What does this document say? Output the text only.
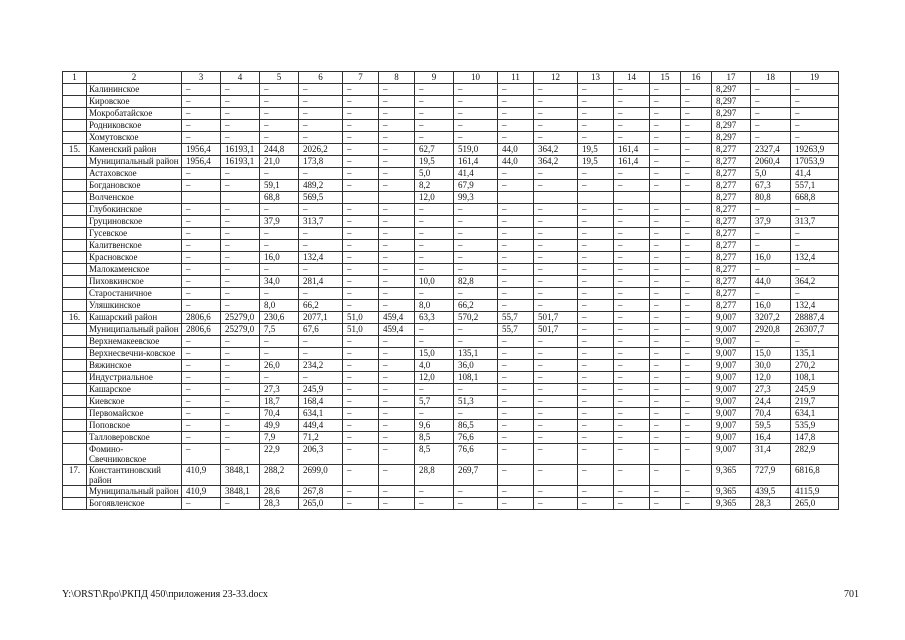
1	2	3	4	5	6	7	8	9	10	11	12	13	14	15	16	17	18	19
	Калининское	–	–	–	–	–	–	–	–	–	–	–	–	–	–	8,297	–	–
	Кировское	–	–	–	–	–	–	–	–	–	–	–	–	–	–	8,297	–	–
	Мокробатайское	–	–	–	–	–	–	–	–	–	–	–	–	–	–	8,297	–	–
	Родниковское	–	–	–	–	–	–	–	–	–	–	–	–	–	–	8,297	–	–
	Хомутовское	–	–	–	–	–	–	–	–	–	–	–	–	–	–	8,297	–	–
15.	Каменский район	1956,4	16193,1	244,8	2026,2	–	–	62,7	519,0	44,0	364,2	19,5	161,4	–	–	8,277	2327,4	19263,9
	Муниципальный район	1956,4	16193,1	21,0	173,8	–	–	19,5	161,4	44,0	364,2	19,5	161,4	–	–	8,277	2060,4	17053,9
	Астаховское	–	–	–	–	–	–	5,0	41,4	–	–	–	–	–	–	8,277	5,0	41,4
	Богдановское	–	–	59,1	489,2	–	–	8,2	67,9	–	–	–	–	–	–	8,277	67,3	557,1
	Волченское			68,8	569,5			12,0	99,3							8,277	80,8	668,8
	Глубокинское	–	–	–	–	–	–	–	–	–	–	–	–	–	–	8,277	–	–
	Груциновское	–	–	37,9	313,7	–	–	–	–	–	–	–	–	–	–	8,277	37,9	313,7
	Гусевское	–	–	–	–	–	–	–	–	–	–	–	–	–	–	8,277	–	–
	Калитвенское	–	–	–	–	–	–	–	–	–	–	–	–	–	–	8,277	–	–
	Красновское	–	–	16,0	132,4	–	–	–	–	–	–	–	–	–	–	8,277	16,0	132,4
	Малокаменское	–	–	–	–	–	–	–	–	–	–	–	–	–	–	8,277	–	–
	Пиховкинское	–	–	34,0	281,4	–	–	10,0	82,8	–	–	–	–	–	–	8,277	44,0	364,2
	Старостаничное	–	–	–	–	–	–	–	–	–	–	–	–	–	–	8,277	–	–
	Уляшкинское	–	–	8,0	66,2	–	–	8,0	66,2	–	–	–	–	–	–	8,277	16,0	132,4
16.	Кашарский район	2806,6	25279,0	230,6	2077,1	51,0	459,4	63,3	570,2	55,7	501,7	–	–	–	–	9,007	3207,2	28887,4
	Муниципальный район	2806,6	25279,0	7,5	67,6	51,0	459,4	–	–	55,7	501,7	–	–	–	–	9,007	2920,8	26307,7
	Верхнемакеевское	–	–	–	–	–	–	–	–	–	–	–	–	–	–	9,007	–	–
	Верхнесвечни-ковское	–	–	–	–	–	–	15,0	135,1	–	–	–	–	–	–	9,007	15,0	135,1
	Вяжинское	–	–	26,0	234,2	–	–	4,0	36,0	–	–	–	–	–	–	9,007	30,0	270,2
	Индустриальное	–	–	–	–	–	–	12,0	108,1	–	–	–	–	–	–	9,007	12,0	108,1
	Кашарское	–	–	27,3	245,9	–	–	–	–	–	–	–	–	–	–	9,007	27,3	245,9
	Киевское	–	–	18,7	168,4	–	–	5,7	51,3	–	–	–	–	–	–	9,007	24,4	219,7
	Первомайское	–	–	70,4	634,1	–	–	–	–	–	–	–	–	–	–	9,007	70,4	634,1
	Поповское	–	–	49,9	449,4	–	–	9,6	86,5	–	–	–	–	–	–	9,007	59,5	535,9
	Талловеровское	–	–	7,9	71,2	–	–	8,5	76,6	–	–	–	–	–	–	9,007	16,4	147,8
	Фомино-Свечниковское	–	–	22,9	206,3	–	–	8,5	76,6	–	–	–	–	–	–	9,007	31,4	282,9
17.	Константиновский район	410,9	3848,1	288,2	2699,0	–	–	28,8	269,7	–	–	–	–	–	–	9,365	727,9	6816,8
	Муниципальный район	410,9	3848,1	28,6	267,8	–	–	–	–	–	–	–	–	–	–	9,365	439,5	4115,9
	Богоявленское	–	–	28,3	265,0	–	–	–	–	–	–	–	–	–	–	9,365	28,3	265,0
Y:\ORST\Rpo\РКПД 450\приложения 23-33.docx	701
